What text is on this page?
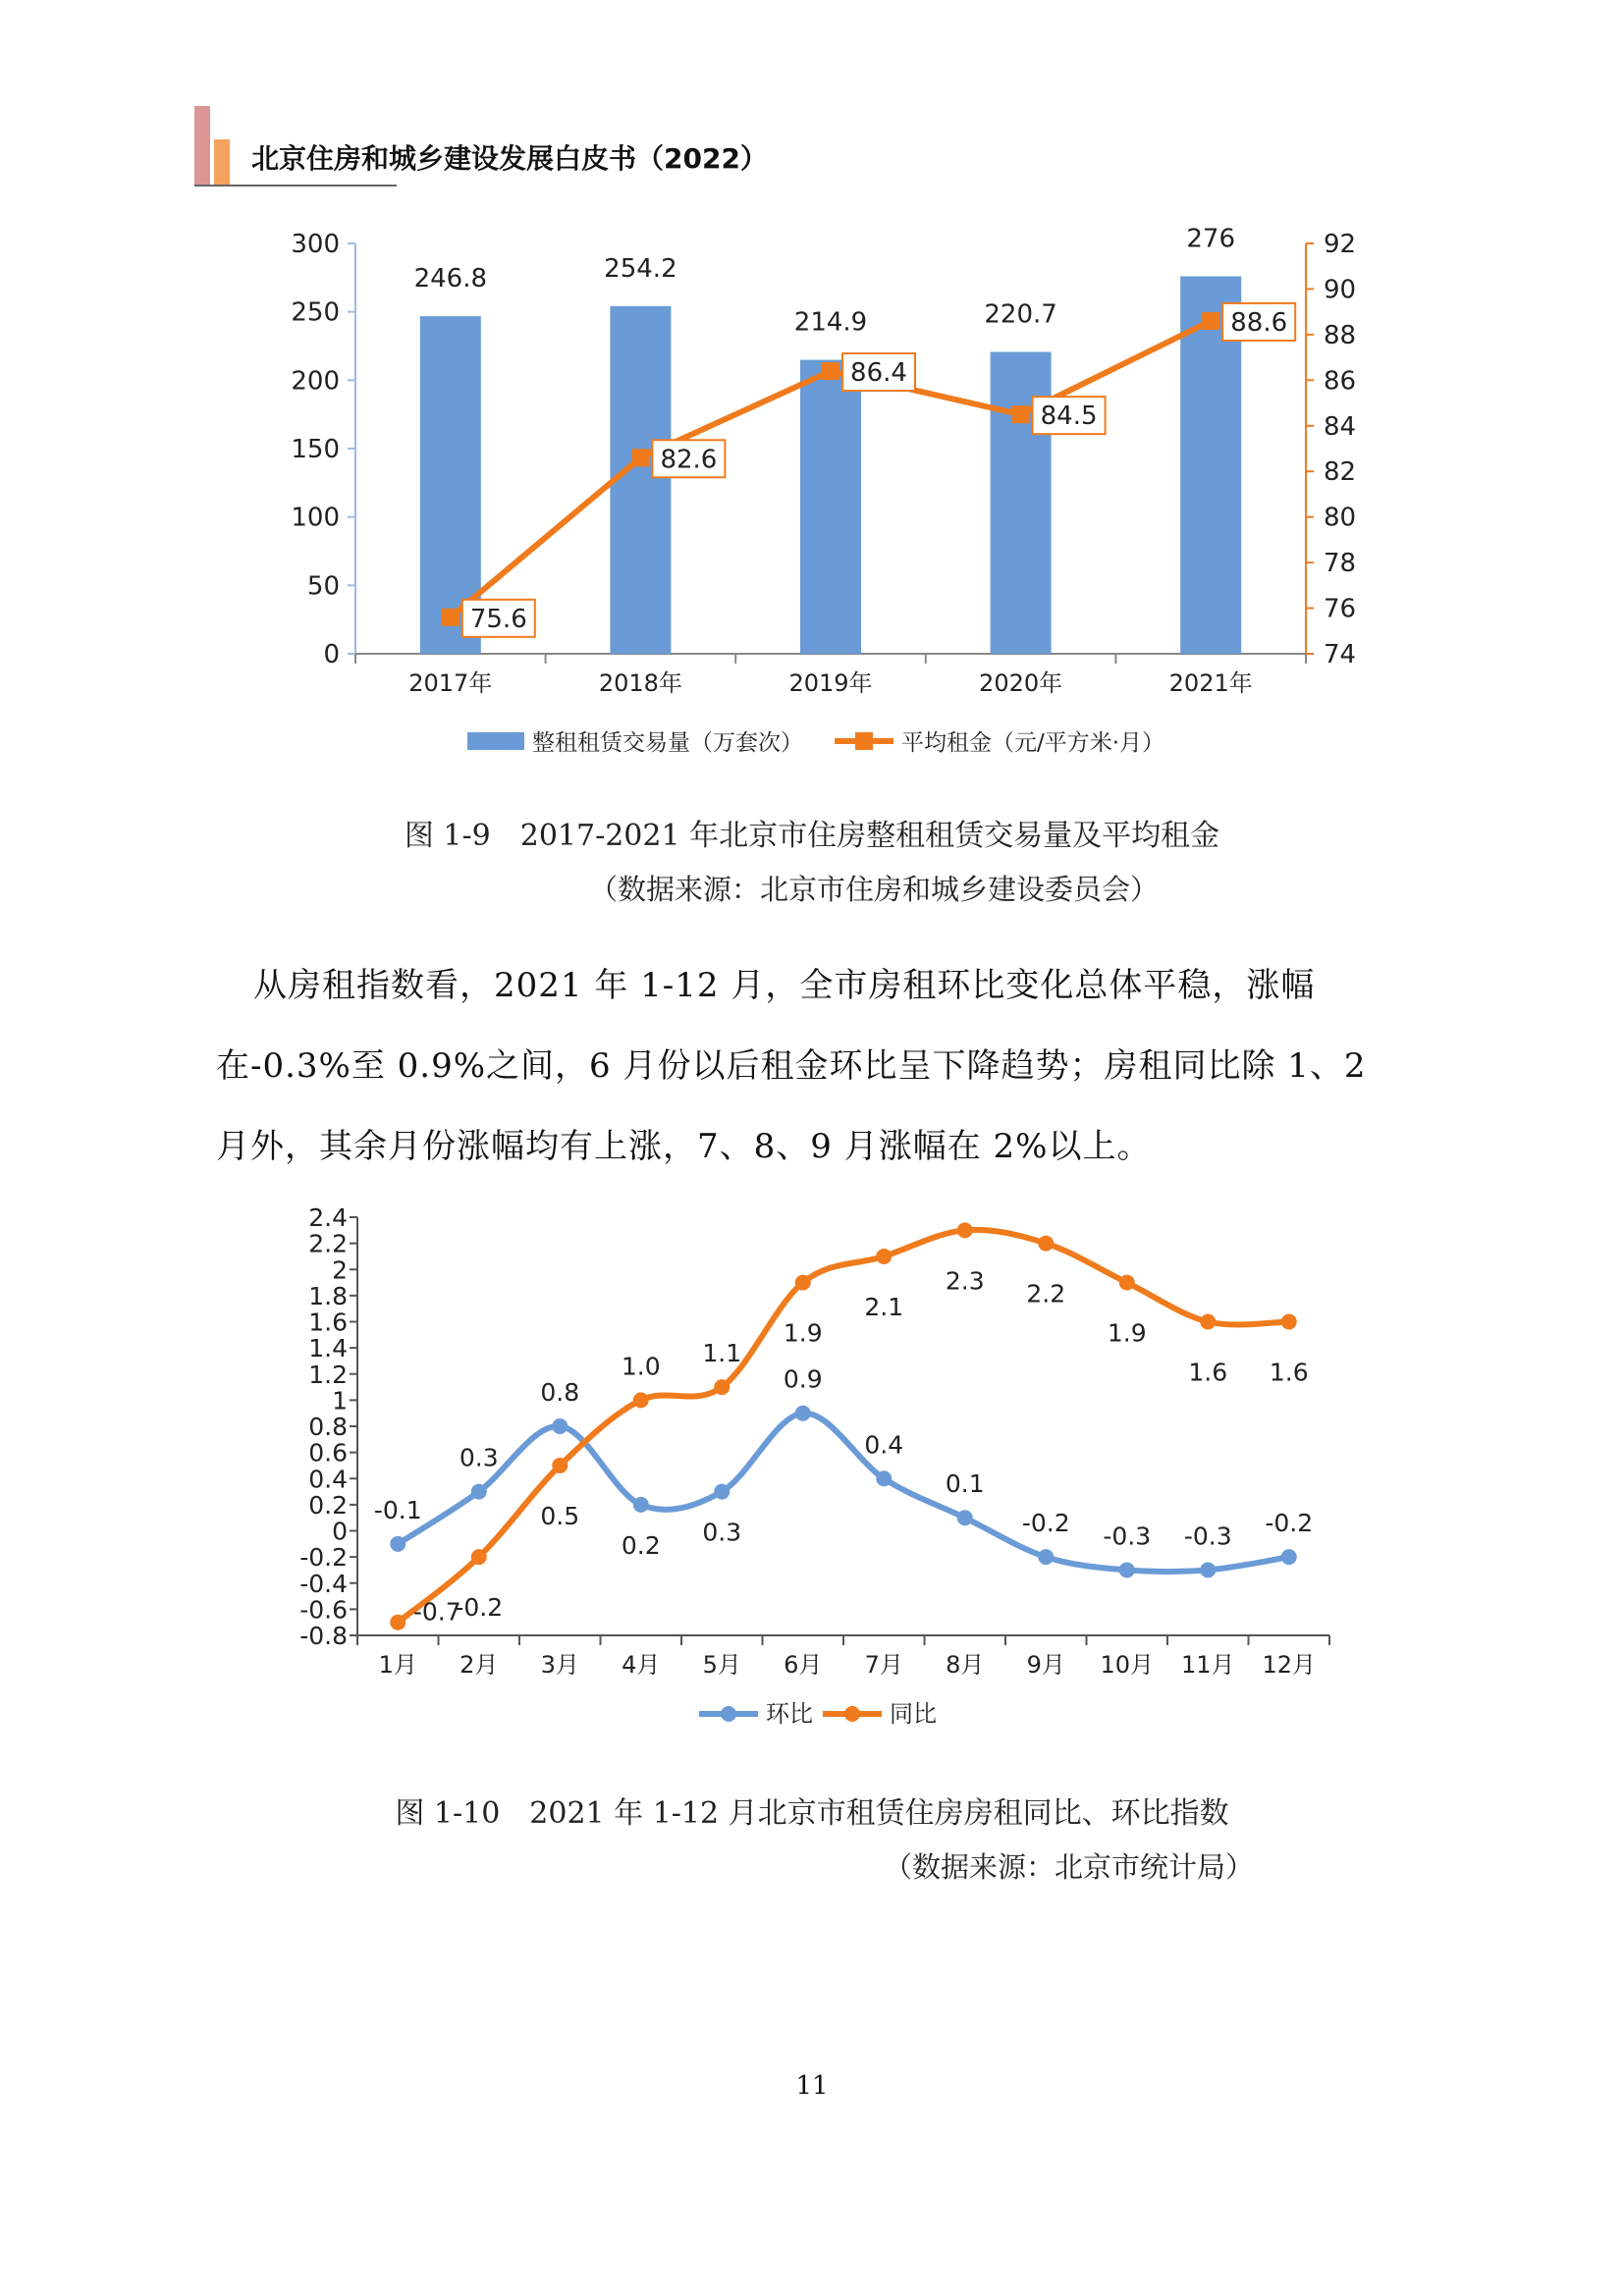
北京住房和城乡建设发展白皮书（2022）
0
50
100
150
200
250
300
74
76
78
80
82
84
86
88
90
92
2017年	2018年	2019年	2020年	2021年
246.8	254.2
214.9	220.7
276
75.6
82.6
86.4
84.5
88.6
整租租赁交易量（万套次）	平均租金（元/平方米·月）
图 1-9　2017-2021 年北京市住房整租租赁交易量及平均租金
（数据来源：北京市住房和城乡建设委员会）
从房租指数看，2021 年 1-12 月，全市房租环比变化总体平稳，涨幅
在-0.3%至 0.9%之间，6 月份以后租金环比呈下降趋势；房租同比除 1、2
月外，其余月份涨幅均有上涨，7、8、9 月涨幅在 2%以上。
2.4
2.2
2
1.8
1.6
1.4
1.2
1
0.8
0.6
0.4
0.2
0
-0.2
-0.4
-0.6
-0.8
1月 2月 3月 4月 5月 6月 7月 8月 9月 10月 11月 12月
-0.1
0.3
0.8
0.2 0.3
0.9
0.4
0.1
-0.2 -0.3 -0.3 -0.2
-0.7
-0.2
0.5
1.0 1.1
1.9
2.1
2.3 2.2
1.9
1.6 1.6
环比	同比
图 1-10　2021 年 1-12 月北京市租赁住房房租同比、环比指数
（数据来源：北京市统计局）
11
